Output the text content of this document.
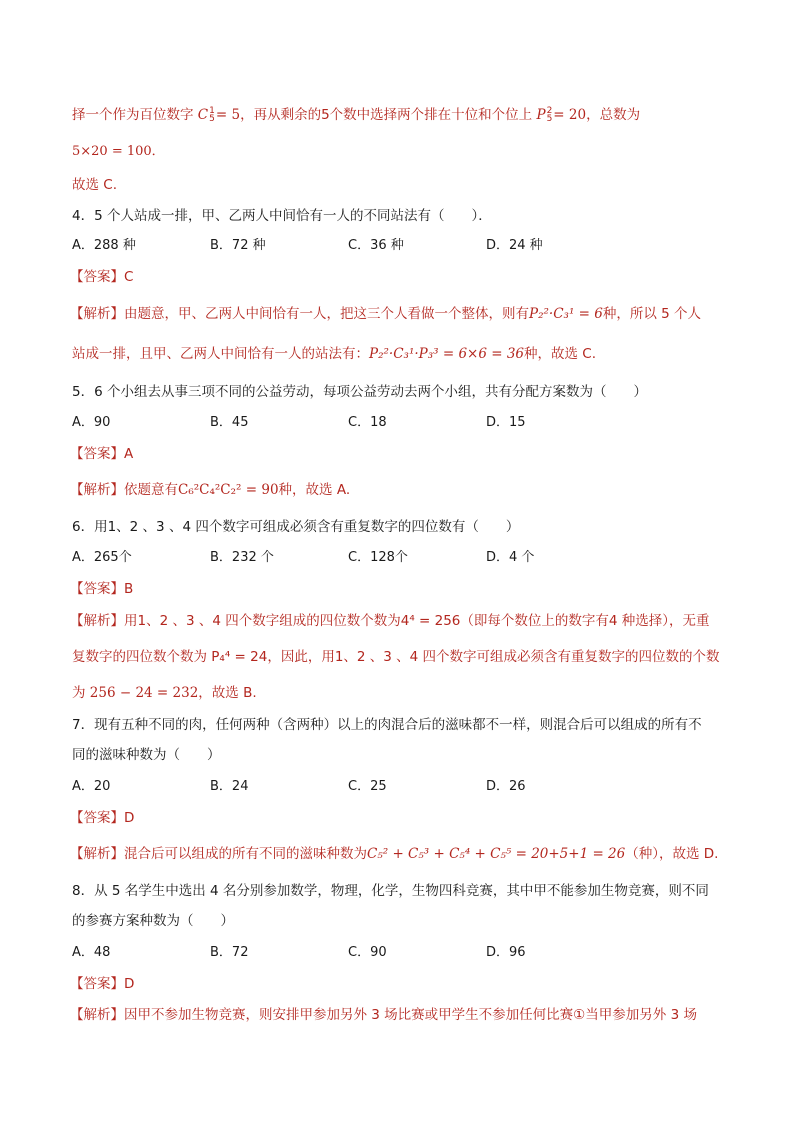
择一个作为百位数字 C 1
5 = 5，再从剩余的5个数中选择两个排在十位和个位上 P 2
5 = 20，总数为
5×20 = 100．
故选 C.
4．5 个人站成一排，甲、乙两人中间恰有一人的不同站法有（　　）．
A．288 种	B．72 种	C．36 种	D．24 种
【答案】C
【解析】由题意，甲、乙两人中间恰有一人，把这三个人看做一个整体，则有P₂²·C₃¹ = 6种，所以 5 个人
站成一排，且甲、乙两人中间恰有一人的站法有：P₂²·C₃¹·P₃³ = 6×6 = 36种，故选 C.
5．6 个小组去从事三项不同的公益劳动，每项公益劳动去两个小组，共有分配方案数为（　　）
A．90	B．45	C．18	D．15
【答案】A
【解析】依题意有C₆²C₄²C₂² = 90种，故选 A.
6．用1、2 、3 、4 四个数字可组成必须含有重复数字的四位数有（　　）
A．265个	B．232 个	C．128个	D．4 个
【答案】B
【解析】用1、2 、3 、4 四个数字组成的四位数个数为4⁴ = 256（即每个数位上的数字有4 种选择），无重
复数字的四位数个数为 P₄⁴ = 24，因此，用1、2 、3 、4 四个数字可组成必须含有重复数字的四位数的个数
为 256 − 24 = 232，故选 B.
7．现有五种不同的肉，任何两种（含两种）以上的肉混合后的滋味都不一样，则混合后可以组成的所有不
同的滋味种数为（　　）
A．20	B．24	C．25	D．26
【答案】D
【解析】混合后可以组成的所有不同的滋味种数为C₅² + C₅³ + C₅⁴ + C₅⁵ = 20+5+1 = 26（种），故选 D.
8．从 5 名学生中选出 4 名分别参加数学，物理，化学，生物四科竞赛，其中甲不能参加生物竞赛，则不同
的参赛方案种数为（　　）
A．48	B．72	C．90	D．96
【答案】D
【解析】因甲不参加生物竞赛，则安排甲参加另外 3 场比赛或甲学生不参加任何比赛①当甲参加另外 3 场
